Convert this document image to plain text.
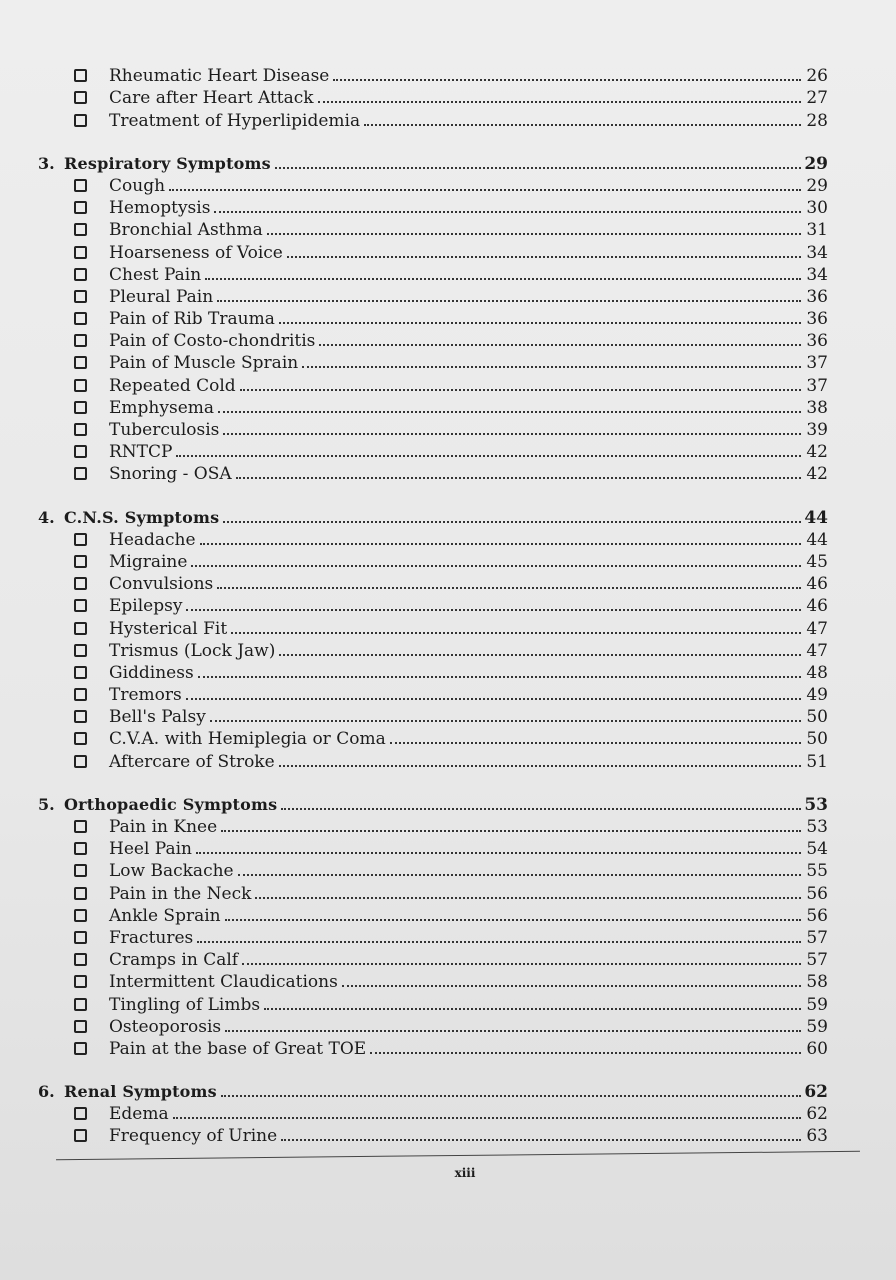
Rheumatic Heart Disease	26
Care after Heart Attack	27
Treatment of Hyperlipidemia	28
3. Respiratory Symptoms	29
Cough	29
Hemoptysis	30
Bronchial Asthma	31
Hoarseness of Voice	34
Chest Pain	34
Pleural Pain	36
Pain of Rib Trauma	36
Pain of Costo-chondritis	36
Pain of Muscle Sprain	37
Repeated Cold	37
Emphysema	38
Tuberculosis	39
RNTCP	42
Snoring - OSA	42
4. C.N.S. Symptoms	44
Headache	44
Migraine	45
Convulsions	46
Epilepsy	46
Hysterical Fit	47
Trismus (Lock Jaw)	47
Giddiness	48
Tremors	49
Bell's Palsy	50
C.V.A. with Hemiplegia or Coma	50
Aftercare of Stroke	51
5. Orthopaedic Symptoms	53
Pain in Knee	53
Heel Pain	54
Low Backache	55
Pain in the Neck	56
Ankle Sprain	56
Fractures	57
Cramps in Calf	57
Intermittent Claudications	58
Tingling of Limbs	59
Osteoporosis	59
Pain at the base of Great TOE	60
6. Renal Symptoms	62
Edema	62
Frequency of Urine	63
xiii
